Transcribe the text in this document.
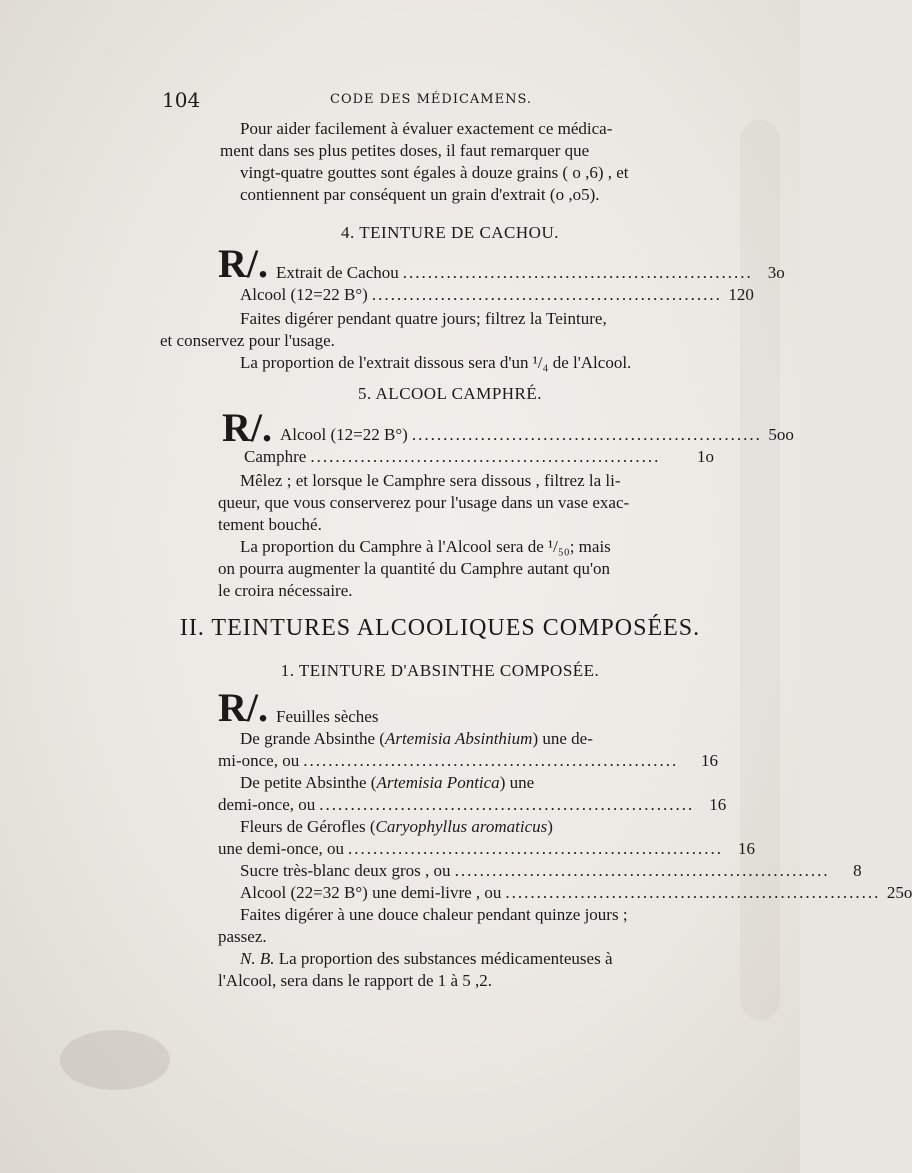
104	CODE DES MÉDICAMENS.

Pour aider facilement à évaluer exactement ce médica-

ment dans ses plus petites doses, il faut remarquer que

vingt-quatre gouttes sont égales à douze grains ( o ,6) , et

contiennent par conséquent un grain d'extrait (o ,o5).

4. TEINTURE DE CACHOU.

R/. Extrait de Cachou ........................................................ 3o
Alcool (12=22 B°) ........................................................ 120

Faites digérer pendant quatre jours; filtrez la Teinture,

et conservez pour l'usage.

La proportion de l'extrait dissous sera d'un ¹/₄ de l'Alcool.

5. ALCOOL CAMPHRÉ.

R/. Alcool (12=22 B°) ........................................................ 5oo
Camphre ........................................................	1o

Mêlez ; et lorsque le Camphre sera dissous , filtrez la li-

queur, que vous conserverez pour l'usage dans un vase exac-

tement bouché.

La proportion du Camphre à l'Alcool sera de ¹/₅₀; mais

on pourra augmenter la quantité du Camphre autant qu'on

le croira nécessaire.

II. TEINTURES ALCOOLIQUES COMPOSÉES.

1. TEINTURE D'ABSINTHE COMPOSÉE.

R/. Feuilles sèches

De grande Absinthe (Artemisia Absinthium) une de-

mi-once, ou ............................................................	16

De petite Absinthe (Artemisia Pontica) une

demi-once, ou ............................................................ 16

Fleurs de Gérofles (Caryophyllus aromaticus)

une demi-once, ou ............................................................ 16
Sucre très-blanc deux gros , ou ............................................................	8
Alcool (22=32 B°) une demi-livre , ou ............................................................ 25o

Faites digérer à une douce chaleur pendant quinze jours ;

passez.

N. B. La proportion des substances médicamenteuses à

l'Alcool, sera dans le rapport de 1 à 5 ,2.
